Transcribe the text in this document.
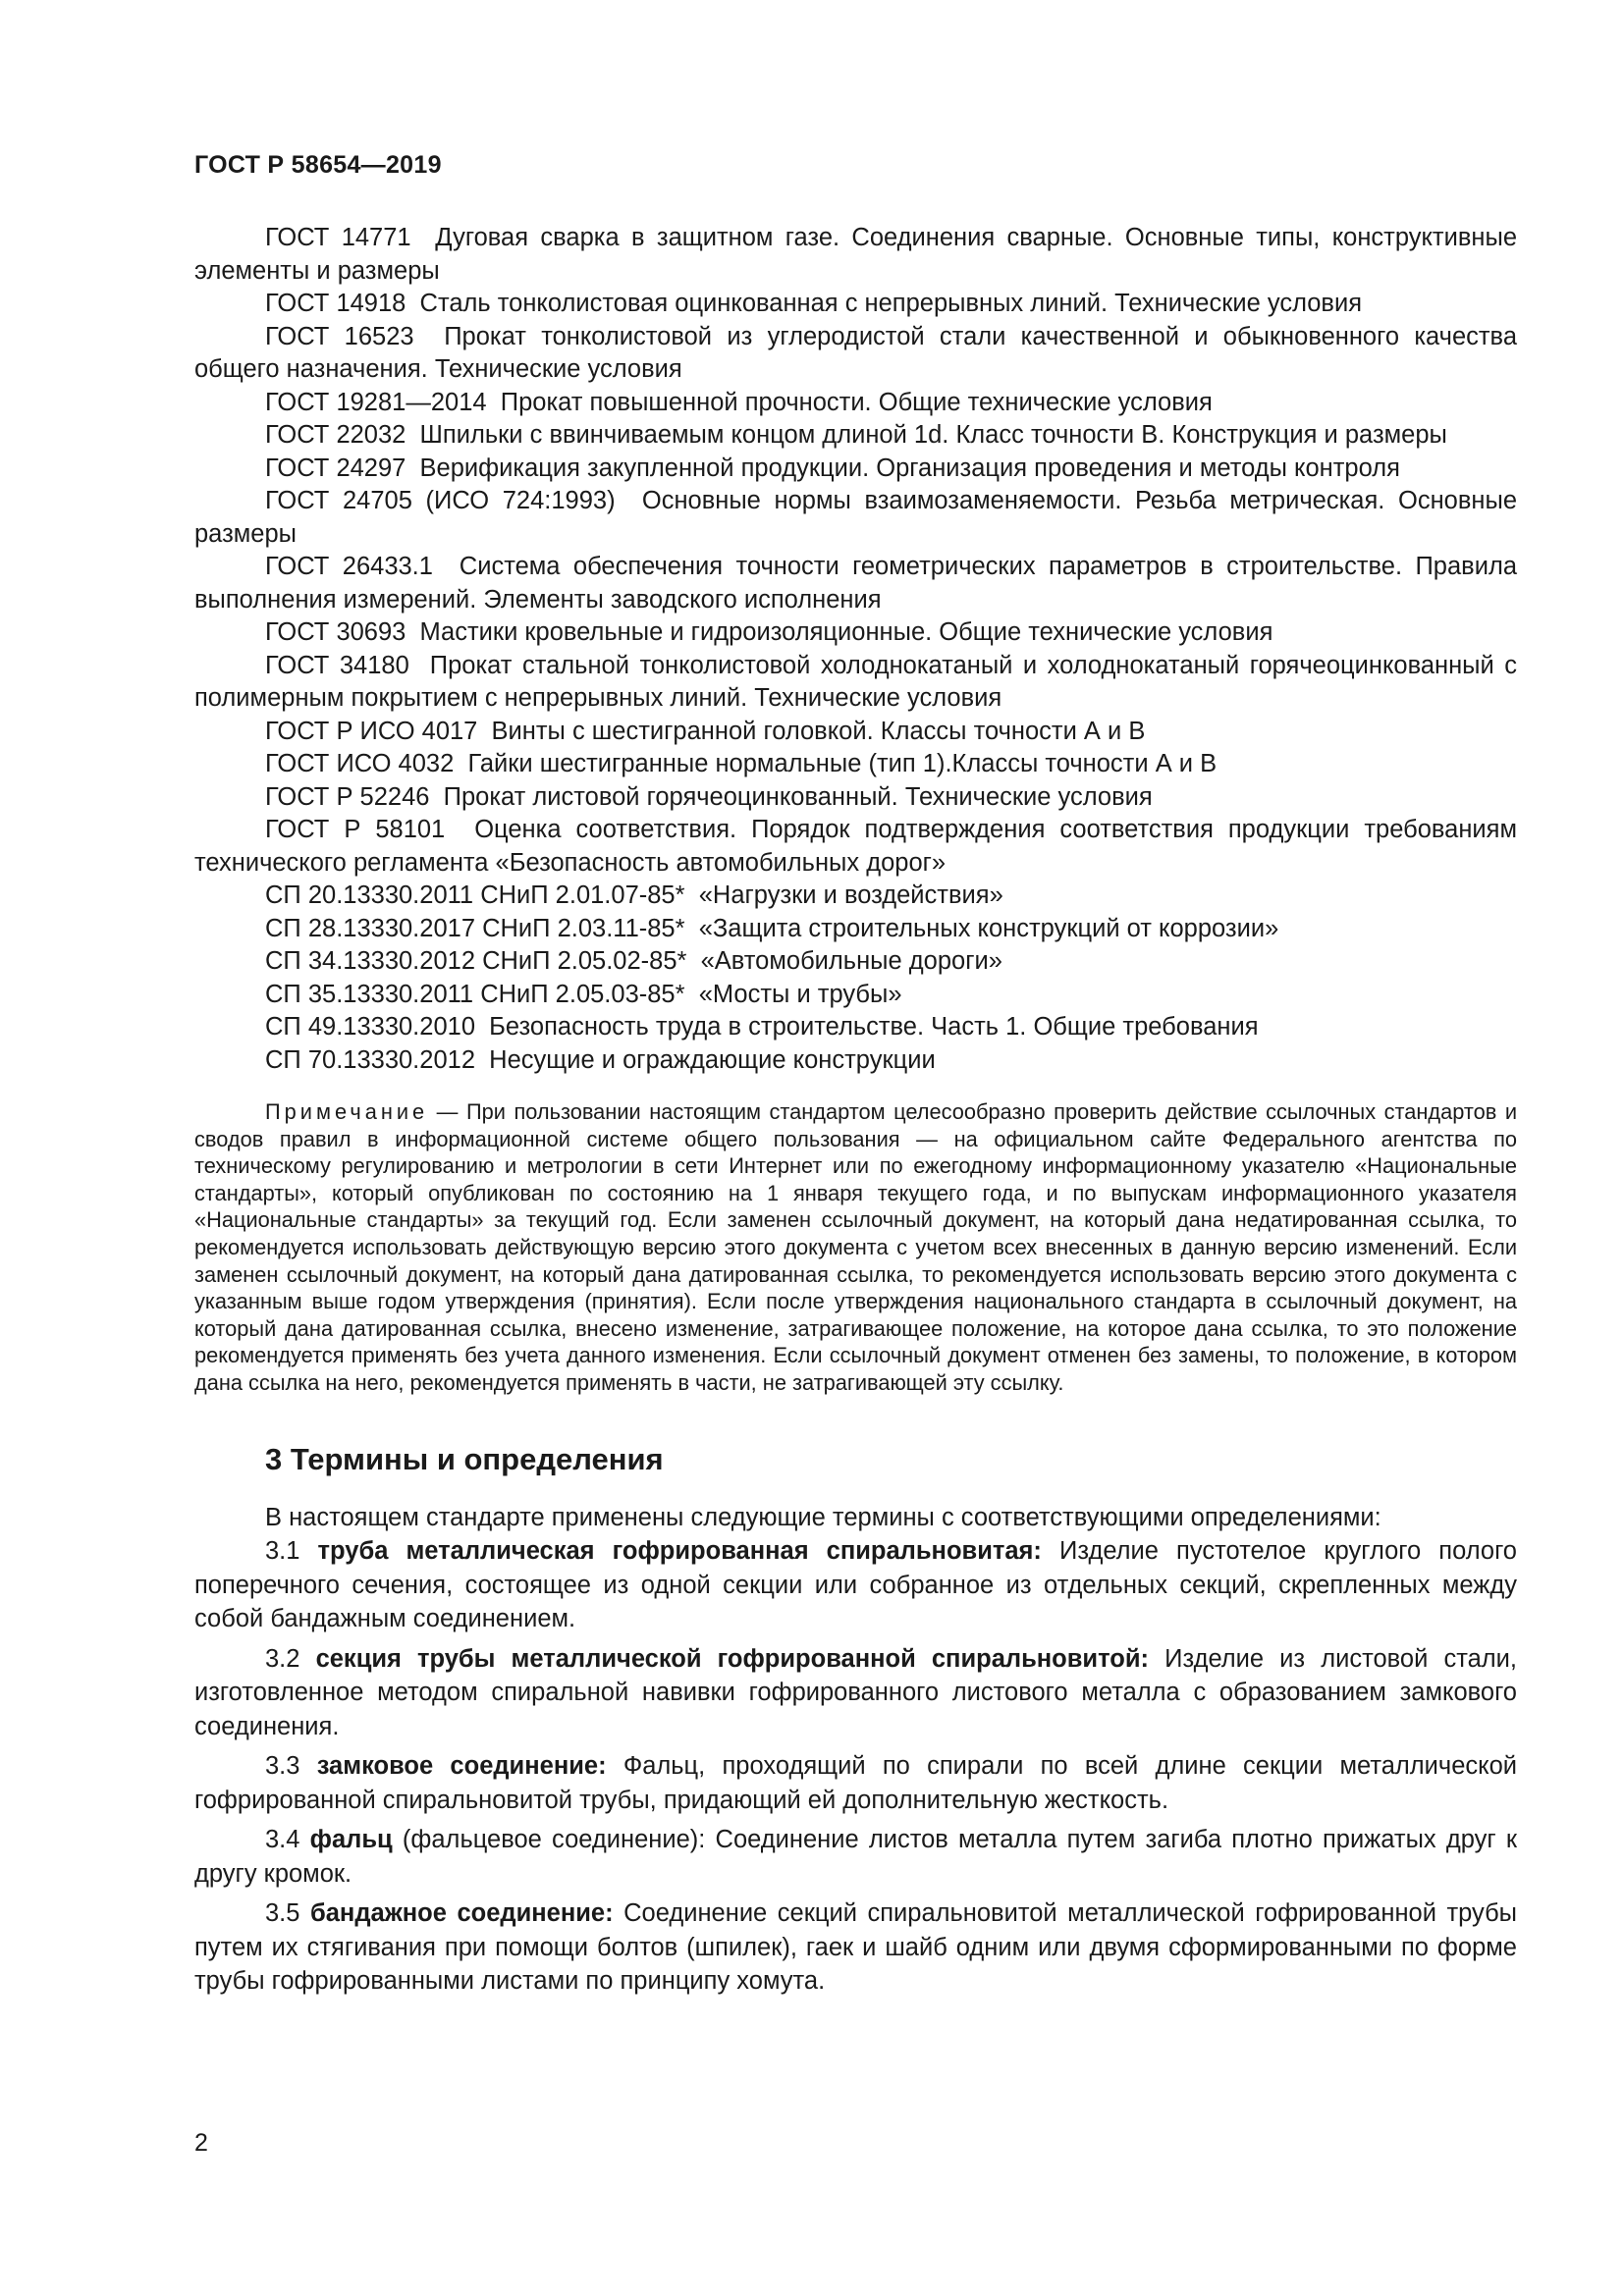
ГОСТ Р 58654—2019

ГОСТ 14771 Дуговая сварка в защитном газе. Соединения сварные. Основные типы, конструктивные элементы и размеры

ГОСТ 14918 Сталь тонколистовая оцинкованная с непрерывных линий. Технические условия

ГОСТ 16523 Прокат тонколистовой из углеродистой стали качественной и обыкновенного качества общего назначения. Технические условия

ГОСТ 19281—2014 Прокат повышенной прочности. Общие технические условия

ГОСТ 22032 Шпильки с ввинчиваемым концом длиной 1d. Класс точности В. Конструкция и размеры

ГОСТ 24297 Верификация закупленной продукции. Организация проведения и методы контроля

ГОСТ 24705 (ИСО 724:1993) Основные нормы взаимозаменяемости. Резьба метрическая. Основные размеры

ГОСТ 26433.1 Система обеспечения точности геометрических параметров в строительстве. Правила выполнения измерений. Элементы заводского исполнения

ГОСТ 30693 Мастики кровельные и гидроизоляционные. Общие технические условия

ГОСТ 34180 Прокат стальной тонколистовой холоднокатаный и холоднокатаный горячеоцинкованный с полимерным покрытием с непрерывных линий. Технические условия

ГОСТ Р ИСО 4017 Винты с шестигранной головкой. Классы точности А и В

ГОСТ ИСО 4032 Гайки шестигранные нормальные (тип 1).Классы точности А и В

ГОСТ Р 52246 Прокат листовой горячеоцинкованный. Технические условия

ГОСТ Р 58101 Оценка соответствия. Порядок подтверждения соответствия продукции требованиям технического регламента «Безопасность автомобильных дорог»

СП 20.13330.2011 СНиП 2.01.07-85* «Нагрузки и воздействия»

СП 28.13330.2017 СНиП 2.03.11-85* «Защита строительных конструкций от коррозии»

СП 34.13330.2012 СНиП 2.05.02-85* «Автомобильные дороги»

СП 35.13330.2011 СНиП 2.05.03-85* «Мосты и трубы»

СП 49.13330.2010 Безопасность труда в строительстве. Часть 1. Общие требования

СП 70.13330.2012 Несущие и ограждающие конструкции

Примечание — При пользовании настоящим стандартом целесообразно проверить действие ссылочных стандартов и сводов правил в информационной системе общего пользования — на официальном сайте Федерального агентства по техническому регулированию и метрологии в сети Интернет или по ежегодному информационному указателю «Национальные стандарты», который опубликован по состоянию на 1 января текущего года, и по выпускам информационного указателя «Национальные стандарты» за текущий год. Если заменен ссылочный документ, на который дана недатированная ссылка, то рекомендуется использовать действующую версию этого документа с учетом всех внесенных в данную версию изменений. Если заменен ссылочный документ, на который дана датированная ссылка, то рекомендуется использовать версию этого документа с указанным выше годом утверждения (принятия). Если после утверждения национального стандарта в ссылочный документ, на который дана датированная ссылка, внесено изменение, затрагивающее положение, на которое дана ссылка, то это положение рекомендуется применять без учета данного изменения. Если ссылочный документ отменен без замены, то положение, в котором дана ссылка на него, рекомендуется применять в части, не затрагивающей эту ссылку.

3 Термины и определения

В настоящем стандарте применены следующие термины с соответствующими определениями:

3.1 труба металлическая гофрированная спиральновитая: Изделие пустотелое круглого полого поперечного сечения, состоящее из одной секции или собранное из отдельных секций, скрепленных между собой бандажным соединением.

3.2 секция трубы металлической гофрированной спиральновитой: Изделие из листовой стали, изготовленное методом спиральной навивки гофрированного листового металла с образованием замкового соединения.

3.3 замковое соединение: Фальц, проходящий по спирали по всей длине секции металлической гофрированной спиральновитой трубы, придающий ей дополнительную жесткость.

3.4 фальц (фальцевое соединение): Соединение листов металла путем загиба плотно прижатых друг к другу кромок.

3.5 бандажное соединение: Соединение секций спиральновитой металлической гофрированной трубы путем их стягивания при помощи болтов (шпилек), гаек и шайб одним или двумя сформированными по форме трубы гофрированными листами по принципу хомута.

2
